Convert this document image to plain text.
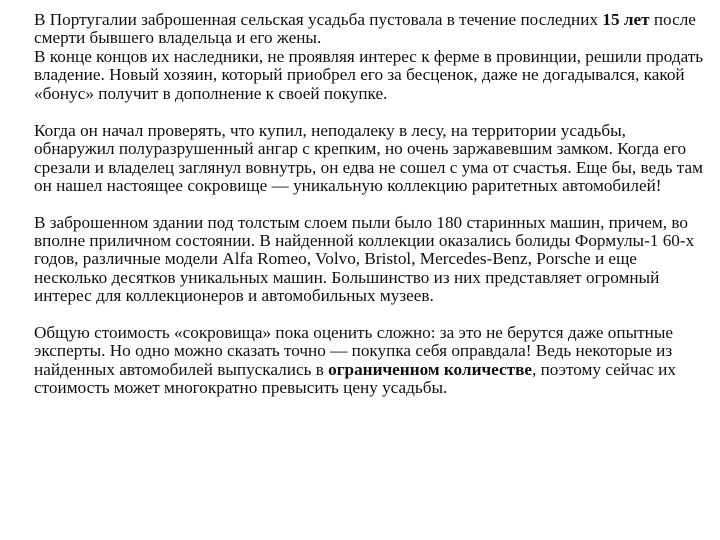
В Португалии заброшенная сельская усадьба пустовала в течение последних 15 лет после смерти бывшего владельца и его жены.

В конце концов их наследники, не проявляя интерес к ферме в провинции, решили продать владение. Новый хозяин, который приобрел его за бесценок, даже не догадывался, какой «бонус» получит в дополнение к своей покупке.

Когда он начал проверять, что купил, неподалеку в лесу, на территории усадьбы, обнаружил полуразрушенный ангар с крепким, но очень заржавевшим замком. Когда его срезали и владелец заглянул вовнутрь, он едва не сошел с ума от счастья. Еще бы, ведь там он нашел настоящее сокровище — уникальную коллекцию раритетных автомобилей!

В заброшенном здании под толстым слоем пыли было 180 старинных машин, причем, во вполне приличном состоянии. В найденной коллекции оказались болиды Формулы-1 60-х годов, различные модели Alfa Romeo, Volvo, Bristol, Mercedes-Benz, Porsche и еще несколько десятков уникальных машин. Большинство из них представляет огромный интерес для коллекционеров и автомобильных музеев.

Общую стоимость «сокровища» пока оценить сложно: за это не берутся даже опытные эксперты. Но одно можно сказать точно — покупка себя оправдала! Ведь некоторые из найденных автомобилей выпускались в ограниченном количестве, поэтому сейчас их стоимость может многократно превысить цену усадьбы.
